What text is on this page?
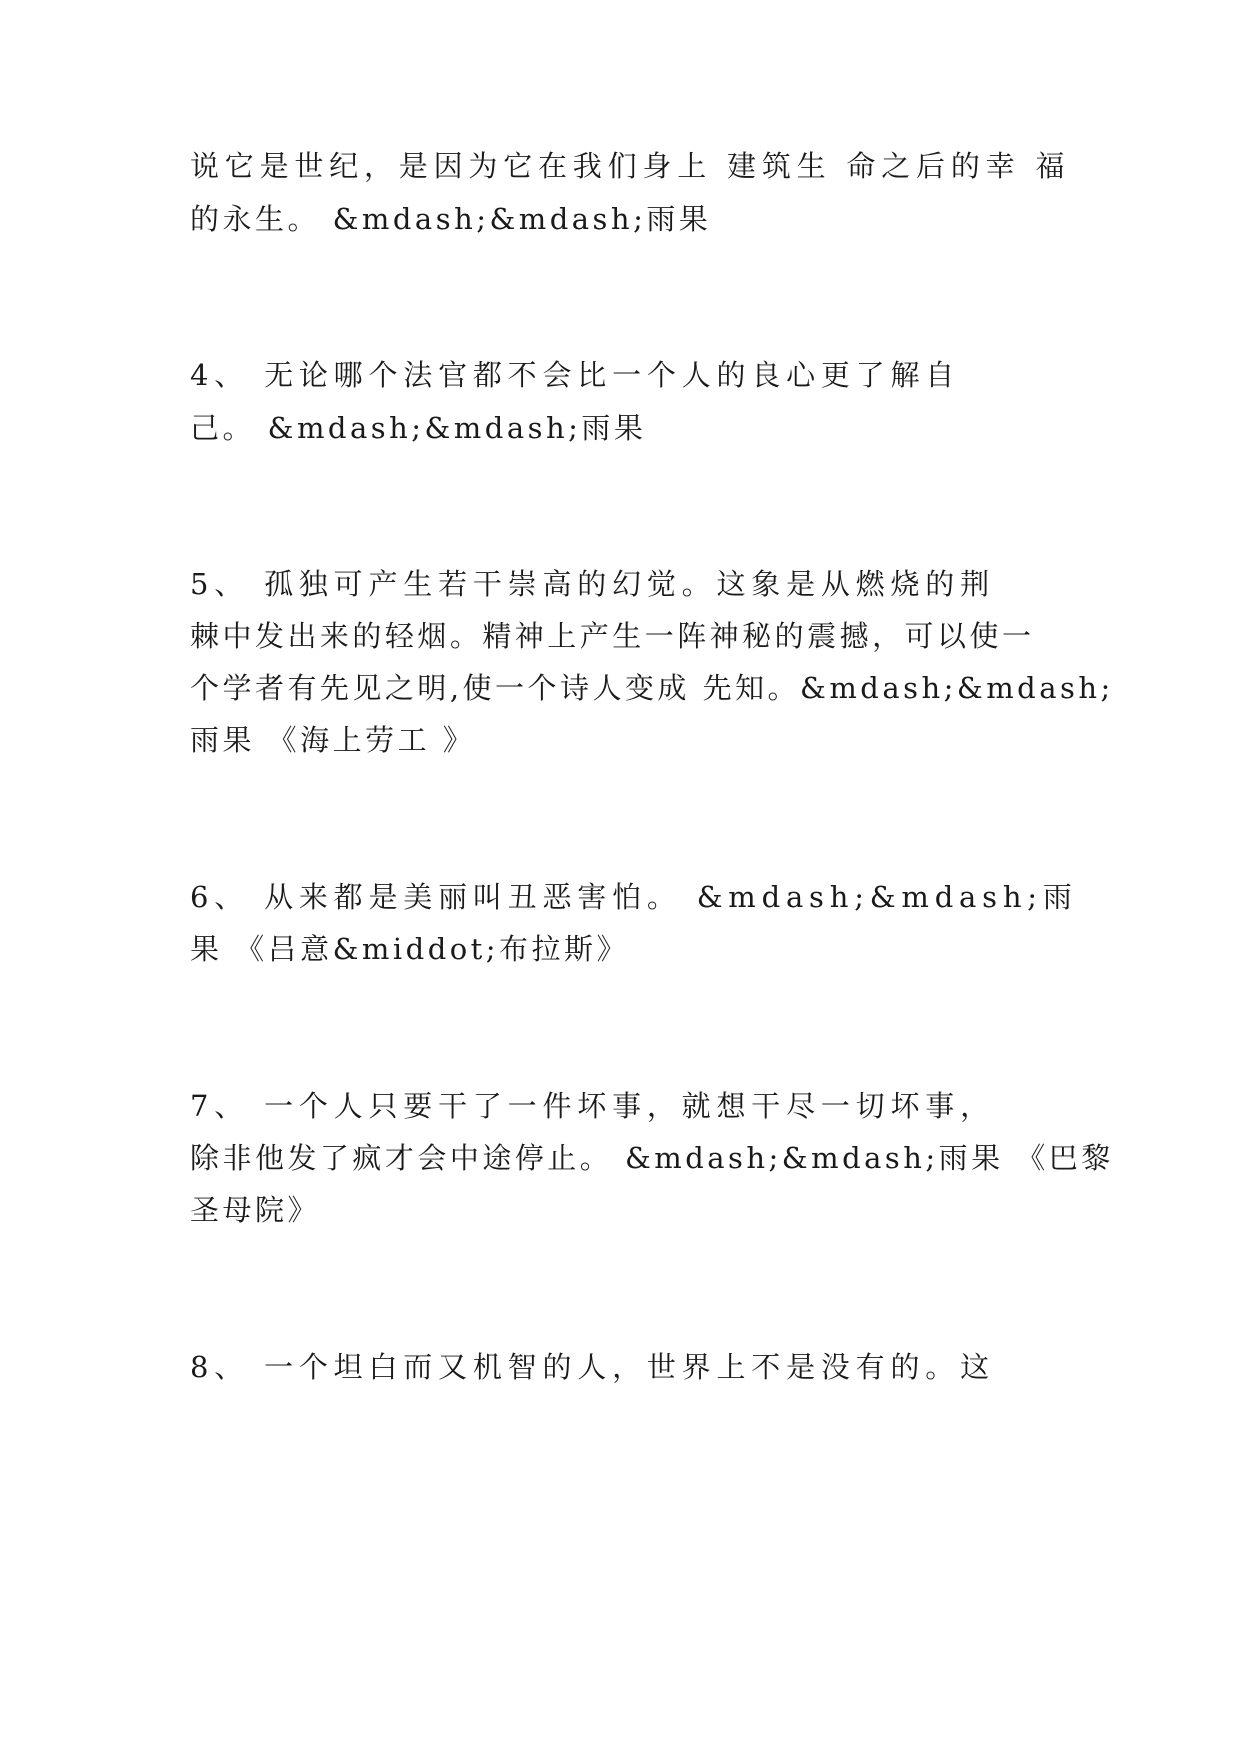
说它是世纪，是因为它在我们身上 建筑生 命之后的幸 福
的永生。 &mdash;&mdash;雨果
4、 无论哪个法官都不会比一个人的良心更了解自
己。 &mdash;&mdash;雨果
5、 孤独可产生若干崇高的幻觉。这象是从燃烧的荆
棘中发出来的轻烟。精神上产生一阵神秘的震撼，可以使一
个学者有先见之明,使一个诗人变成 先知。&mdash;&mdash;
雨果 《海上劳工 》
6、 从来都是美丽叫丑恶害怕。 &mdash;&mdash;雨
果 《吕意&middot;布拉斯》
7、 一个人只要干了一件坏事，就想干尽一切坏事，
除非他发了疯才会中途停止。 &mdash;&mdash;雨果 《巴黎
圣母院》
8、 一个坦白而又机智的人，世界上不是没有的。这
